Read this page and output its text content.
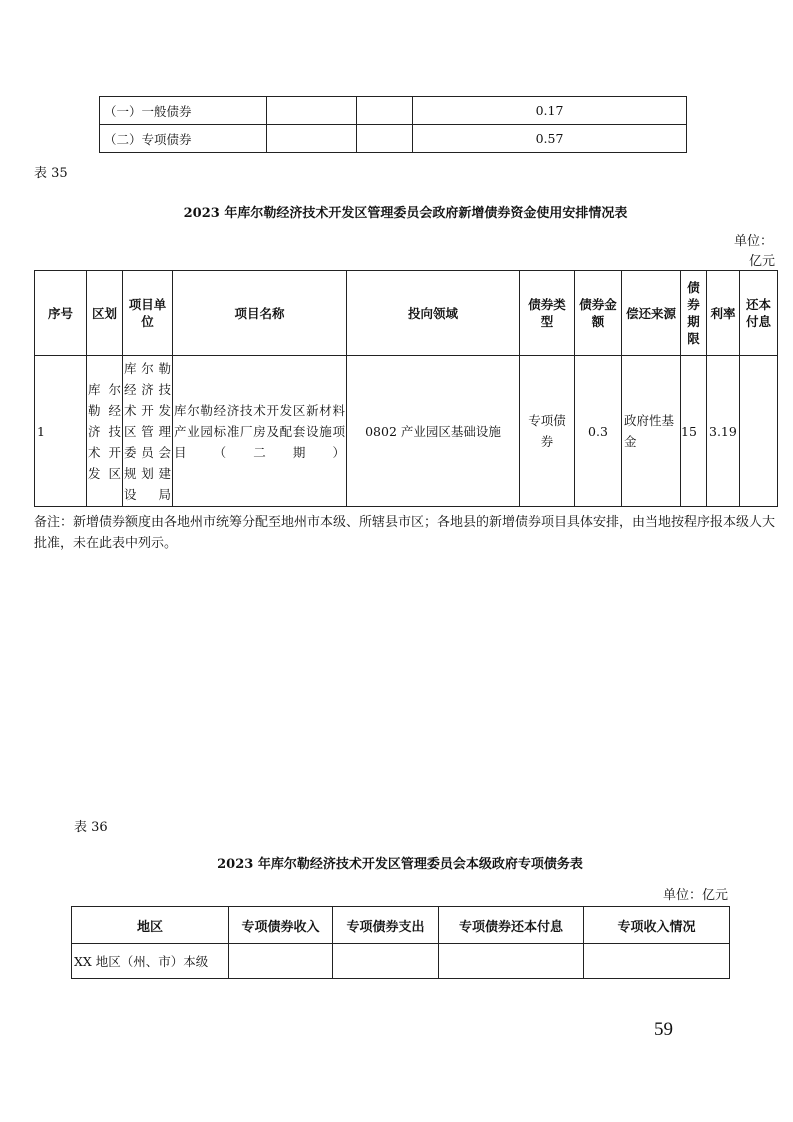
（一）一般债券			0.17
（二）专项债券			0.57
表 35
2023 年库尔勒经济技术开发区管理委员会政府新增债券资金使用安排情况表
单位：
亿元
序号	区划	项目单位	项目名称	投向领域	债券类型	债券金额	偿还来源	债券期限	利率	还本付息
1	库尔勒经济技术开发区	库尔勒经济技术开发区管理委员会规划建设局	库尔勒经济技术开发区新材料产业园标准厂房及配套设施项目（二期）	0802 产业园区基础设施	专项债券	0.3	政府性基金	15	3.19	
备注：新增债券额度由各地州市统筹分配至地州市本级、所辖县市区；各地县的新增债券项目具体安排，由当地按程序报本级人大批准，未在此表中列示。
表 36
2023 年库尔勒经济技术开发区管理委员会本级政府专项债务表
单位：亿元
地区	专项债券收入	专项债券支出	专项债券还本付息	专项收入情况
XX 地区（州、市）本级				
59
